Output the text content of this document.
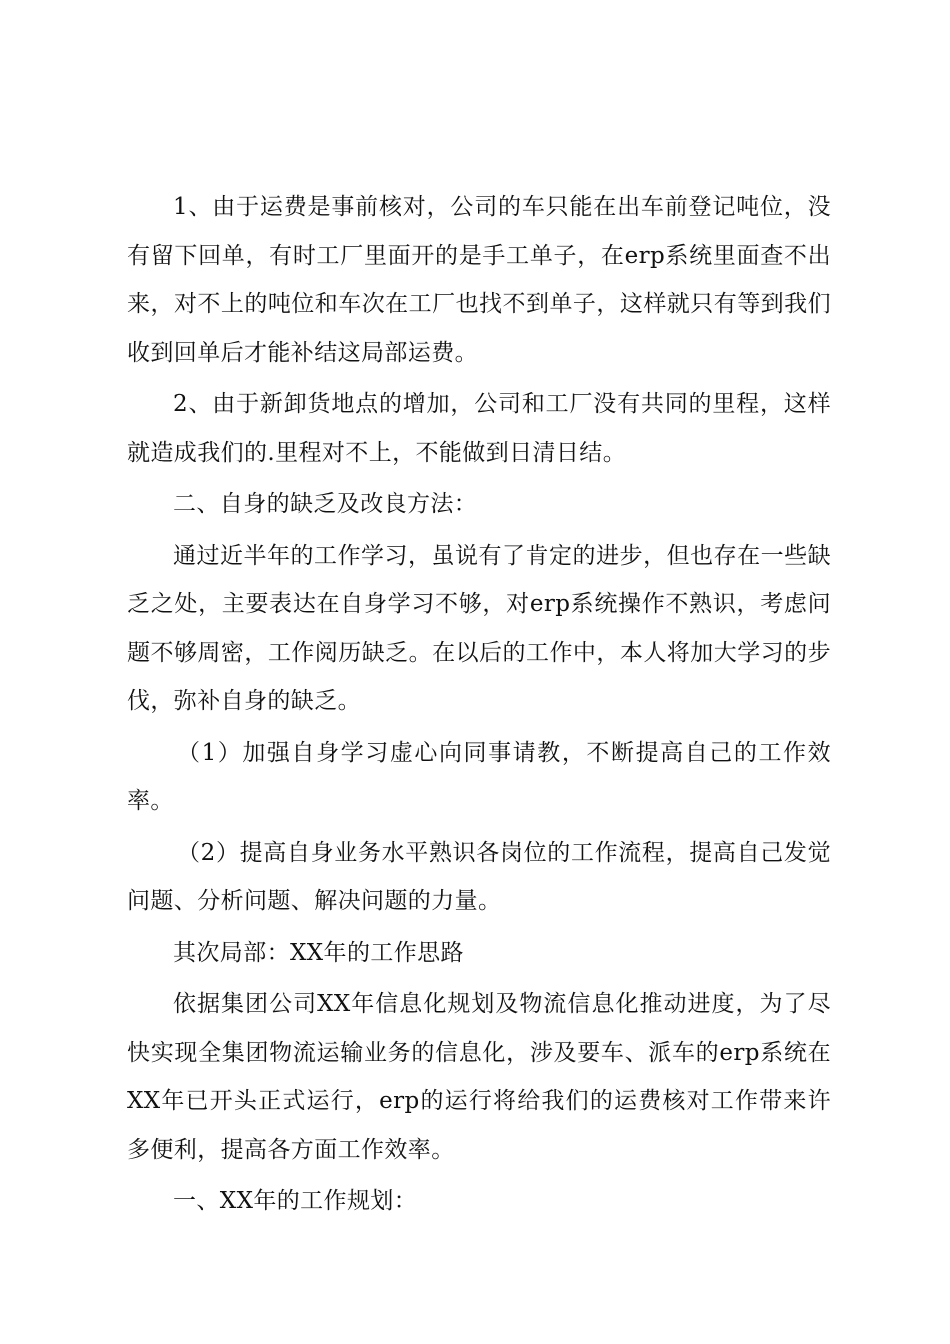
1、由于运费是事前核对，公司的车只能在出车前登记吨位，没有留下回单，有时工厂里面开的是手工单子，在erp系统里面查不出来，对不上的吨位和车次在工厂也找不到单子，这样就只有等到我们收到回单后才能补结这局部运费。

2、由于新卸货地点的增加，公司和工厂没有共同的里程，这样就造成我们的.里程对不上，不能做到日清日结。

二、自身的缺乏及改良方法：

通过近半年的工作学习，虽说有了肯定的进步，但也存在一些缺乏之处，主要表达在自身学习不够，对erp系统操作不熟识，考虑问题不够周密，工作阅历缺乏。在以后的工作中，本人将加大学习的步伐，弥补自身的缺乏。

（1）加强自身学习虚心向同事请教，不断提高自己的工作效率。

（2）提高自身业务水平熟识各岗位的工作流程，提高自己发觉问题、分析问题、解决问题的力量。

其次局部：XX年的工作思路

依据集团公司XX年信息化规划及物流信息化推动进度，为了尽快实现全集团物流运输业务的信息化，涉及要车、派车的erp系统在XX年已开头正式运行，erp的运行将给我们的运费核对工作带来许多便利，提高各方面工作效率。

一、XX年的工作规划：
